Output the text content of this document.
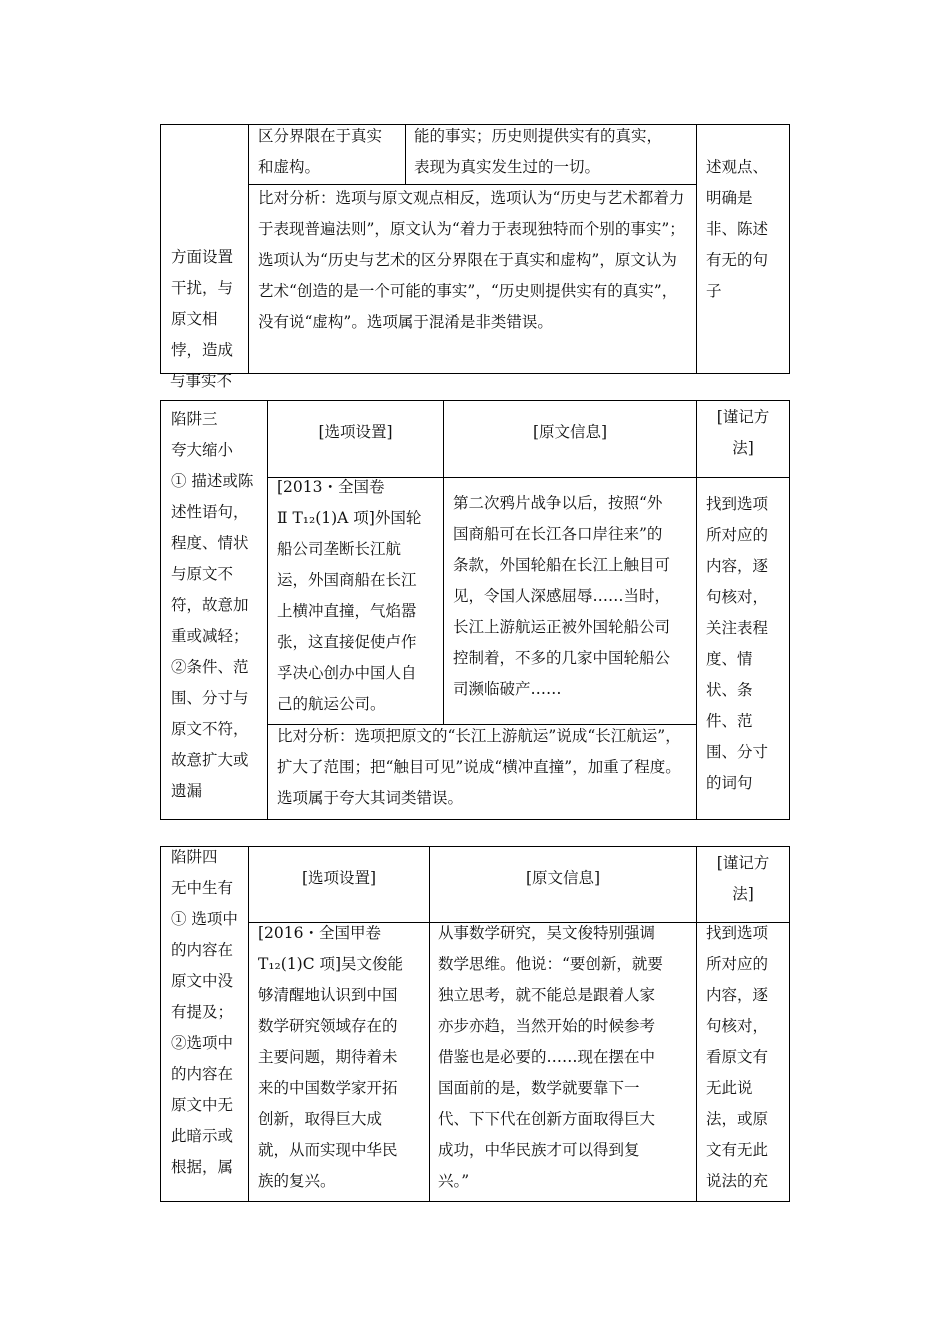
方面设置
干扰，与
原文相
悖，造成
区分界限在于真实
和虚构。
能的事实；历史则提供实有的真实，
表现为真实发生过的一切。
比对分析：选项与原文观点相反，选项认为“历史与艺术都着力于表现普遍法则”，原文认为“着力于表现独特而个别的事实”；选项认为“历史与艺术的区分界限在于真实和虚构”，原文认为艺术“创造的是一个可能的事实”，“历史则提供实有的真实”，没有说“虚构”。选项属于混淆是非类错误。
述观点、
明确是
非、陈述
有无的句
子
与事实不
陷阱三
夸大缩小
① 描述或陈
述性语句，
程度、情状
与原文不
符，故意加
重或减轻；
②条件、范
围、分寸与
原文不符，
故意扩大或
遗漏
[选项设置]	[原文信息]
[谨记方
法]
[2013・全国卷
Ⅱ T₁₂(1)A 项]外国轮
船公司垄断长江航
运，外国商船在长江
上横冲直撞，气焰嚣
张，这直接促使卢作
孚决心创办中国人自
己的航运公司。
第二次鸦片战争以后，按照“外
国商船可在长江各口岸往来”的
条款，外国轮船在长江上触目可
见，令国人深感屈辱……当时，
长江上游航运正被外国轮船公司
控制着，不多的几家中国轮船公
司濒临破产……
比对分析：选项把原文的“长江上游航运”说成“长江航运”，扩大了范围；把“触目可见”说成“横冲直撞”，加重了程度。选项属于夸大其词类错误。
找到选项
所对应的
内容，逐
句核对，
关注表程
度、情
状、条
件、范
围、分寸
的词句
陷阱四
无中生有
① 选项中
的内容在
原文中没
有提及；
②选项中
的内容在
原文中无
此暗示或
根据，属
[选项设置]	[原文信息]
[谨记方
法]
[2016・全国甲卷
T₁₂(1)C 项]吴文俊能
够清醒地认识到中国
数学研究领域存在的
主要问题，期待着未
来的中国数学家开拓
创新，取得巨大成
就，从而实现中华民
族的复兴。
从事数学研究，吴文俊特别强调
数学思维。他说：“要创新，就要
独立思考，就不能总是跟着人家
亦步亦趋，当然开始的时候参考
借鉴也是必要的……现在摆在中
国面前的是，数学就要靠下一
代、下下代在创新方面取得巨大
成功，中华民族才可以得到复
兴。”
找到选项
所对应的
内容，逐
句核对，
看原文有
无此说
法，或原
文有无此
说法的充
